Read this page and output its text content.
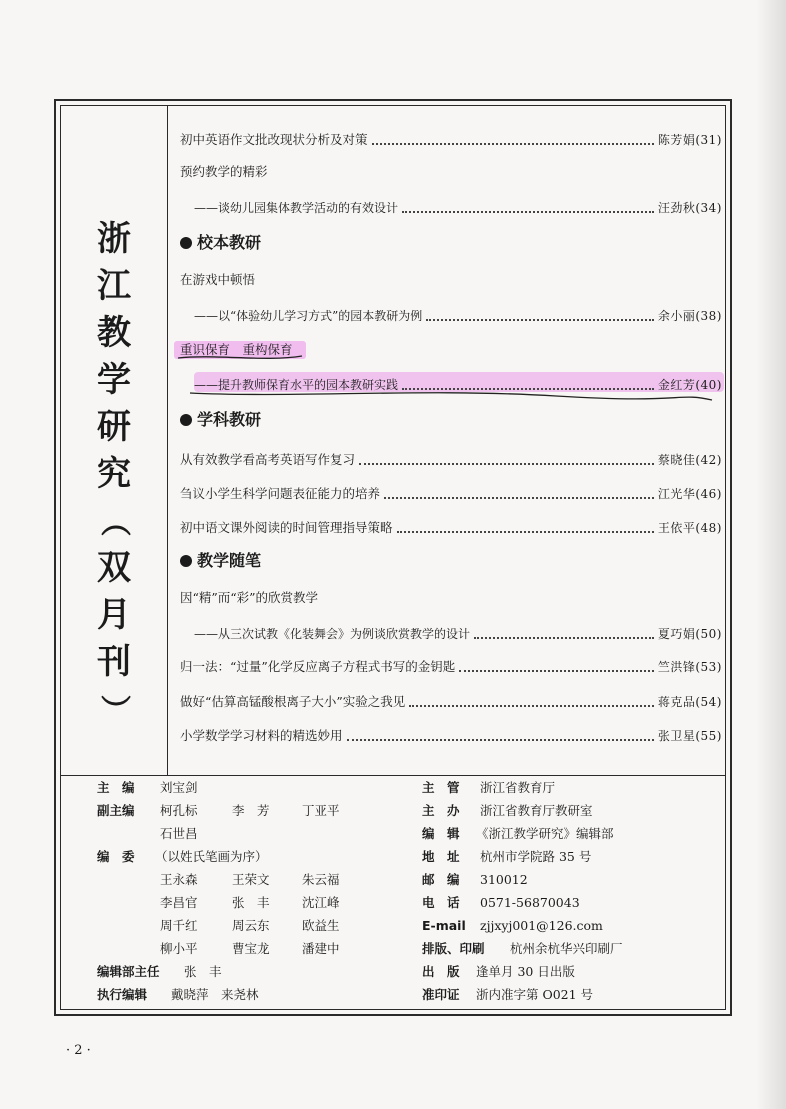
浙
江
教
学
研
究
（
双
月
刊
）
初中英语作文批改现状分析及对策	陈芳娟(31)
预约教学的精彩
——谈幼儿园集体教学活动的有效设计	汪劲秋(34)
校本教研
在游戏中顿悟
——以“体验幼儿学习方式”的园本教研为例	余小丽(38)
重识保育　重构保育
——提升教师保育水平的园本教研实践	金红芳(40)
学科教研
从有效教学看高考英语写作复习	蔡晓佳(42)
刍议小学生科学问题表征能力的培养	江光华(46)
初中语文课外阅读的时间管理指导策略	王依平(48)
教学随笔
因“精”而“彩”的欣赏教学
——从三次试教《化装舞会》为例谈欣赏教学的设计	夏巧娟(50)
归一法：“过量”化学反应离子方程式书写的金钥匙	竺洪锋(53)
做好“估算高锰酸根离子大小”实验之我见	蒋克品(54)
小学数学学习材料的精选妙用	张卫星(55)
主　编 刘宝剑
副主编 柯孔标	李　芳	丁亚平
石世昌
编　委 （以姓氏笔画为序）
王永森	王荣文	朱云福
李昌官	张　丰	沈江峰
周千红	周云东	欧益生
柳小平	曹宝龙	潘建中
编辑部主任 张　丰
执行编辑 戴晓萍　来尧林
主　管 浙江省教育厅
主　办 浙江省教育厅教研室
编　辑 《浙江教学研究》编辑部
地　址 杭州市学院路 35 号
邮　编 310012
电　话 0571-56870043
E-mail zjjxyj001@126.com
排版、印刷 杭州余杭华兴印刷厂
出　版 逢单月 30 日出版
准印证 浙内准字第 O021 号
· 2 ·
